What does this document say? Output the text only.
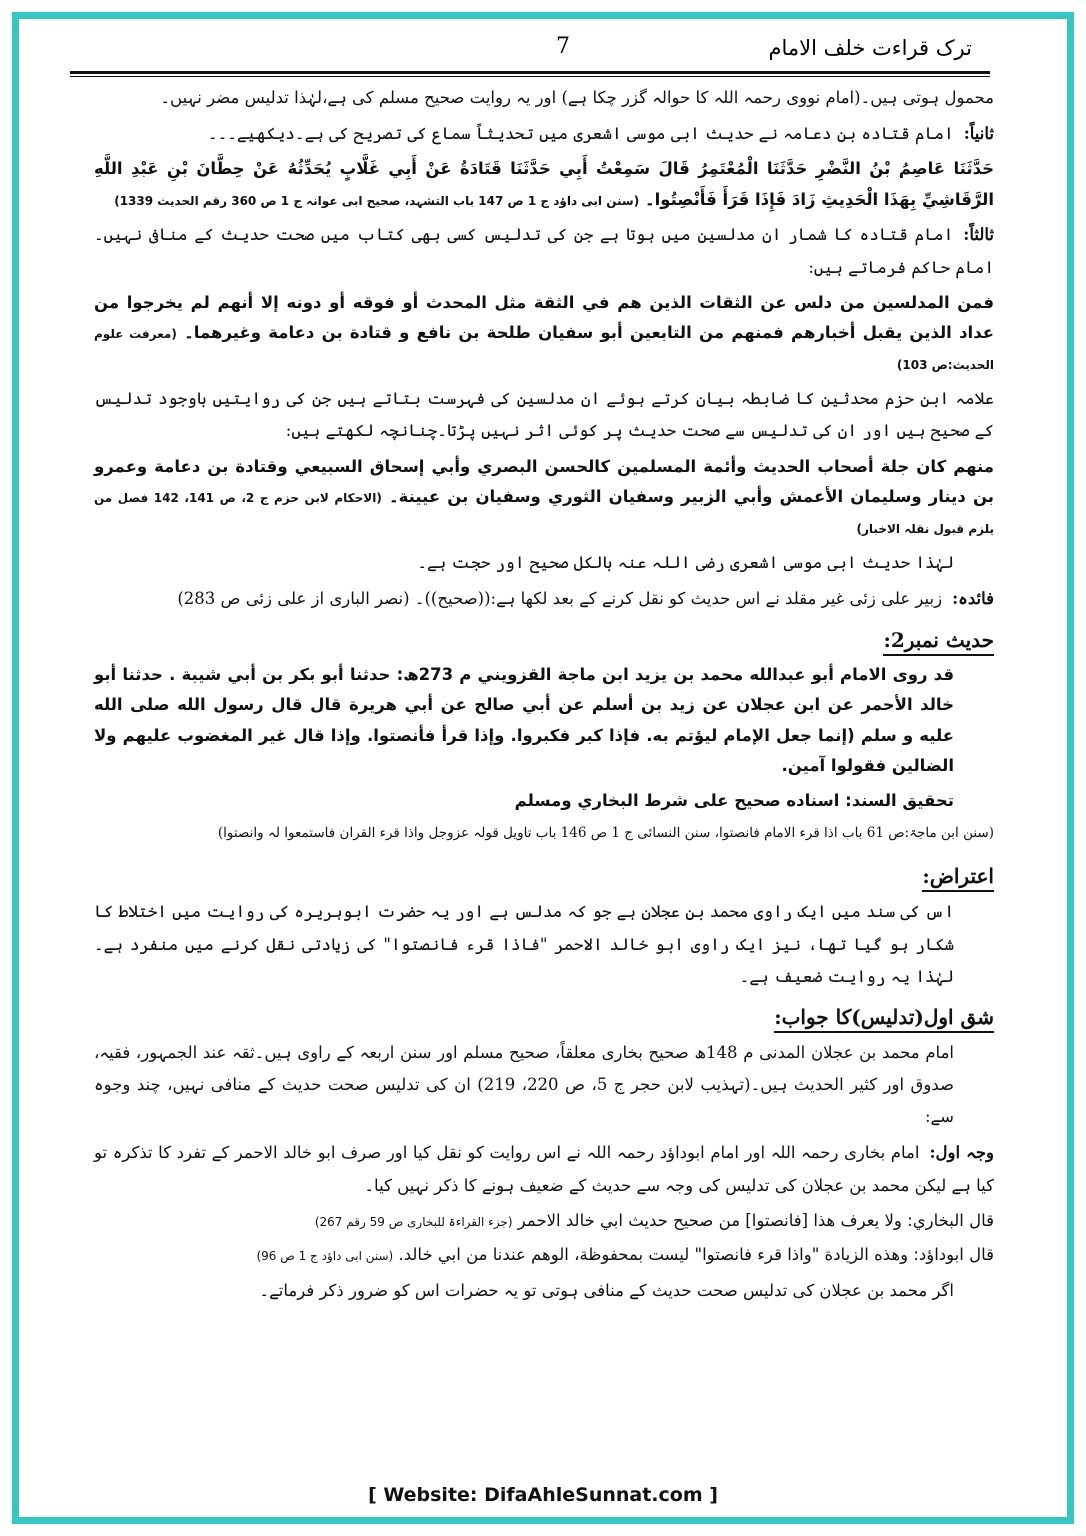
ترک قراءت خلف الامام
7

محمول ہوتی ہیں۔(امام نووی رحمہ اللہ کا حوالہ گزر چکا ہے) اور یہ روایت صحیح مسلم کی ہے،لہٰذا تدلیس مضر نہیں۔

ثانیاً:امام قتادہ بن دعامہ نے حدیث ابی موسی اشعری میں تحدیثاً سماع کی تصریح کی ہے۔دیکھیے۔۔۔

حَدَّثَنَا عَاصِمُ بْنُ النَّضْرِ حَدَّثَنَا الْمُعْتَمِرُ قَالَ سَمِعْتُ أَبِي حَدَّثَنَا قَتَادَةُ عَنْ أَبِي غَلَّابٍ يُحَدِّثُهُ عَنْ حِطَّانَ بْنِ عَبْدِ اللَّهِ الرَّقَاشِيِّ بِهَذَا الْحَدِيثِ زَادَ فَإِذَا قَرَأَ فَأَنْصِتُوا۔ (سنن ابی داؤد ج 1 ص 147 باب التشہد، صحیح ابی عوانہ ج 1 ص 360 رقم الحدیث 1339)

ثالثاً:امام قتادہ کا شمار ان مدلسین میں ہوتا ہے جن کی تدلیس کسی بھی کتاب میں صحت حدیث کے منافی نہیں۔امام حاکم فرماتے ہیں:

فمن المدلسين من دلس عن الثقات الذين هم في الثقة مثل المحدث أو فوقه أو دونه إلا أنهم لم يخرجوا من عداد الذين يقبل أخبارهم فمنهم من التابعين أبو سفيان طلحة بن نافع و قتادة بن دعامة وغيرهما۔ (معرفت علوم الحدیث:ص 103)

علامہ ابن حزم محدثین کا ضابطہ بیان کرتے ہوئے ان مدلسین کی فہرست بتاتے ہیں جن کی روایتیں باوجود تدلیس کے صحیح ہیں اور ان کی تدلیس سے صحت حدیث پر کوئی اثر نہیں پڑتا۔چنانچہ لکھتے ہیں:

منهم كان جلة أصحاب الحديث وأئمة المسلمين كالحسن البصري وأبي إسحاق السبيعي وقتادة بن دعامة وعمرو بن دينار وسليمان الأعمش وأبي الزبير وسفيان الثوري وسفيان بن عيينة۔ (الاحکام لابن حزم ج 2، ص 141، 142 فصل من یلزم قبول نقلہ الاخبار)

لہٰذا حدیث ابی موسی اشعری رضی اللہ عنہ بالکل صحیح اور حجت ہے۔

فائدہ:زبیر علی زئی غیر مقلد نے اس حدیث کو نقل کرنے کے بعد لکھا ہے:((صحیح))۔ (نصر الباری از علی زئی ص 283)

حدیث نمبر2:

قد روى الامام أبو عبدالله محمد بن يزيد ابن ماجة القزويني م 273ھ: حدثنا أبو بكر بن أبي شيبة . حدثنا أبو خالد الأحمر عن ابن عجلان عن زيد بن أسلم عن أبي صالح عن أبي هريرة قال قال رسول الله صلى الله عليه و سلم (إنما جعل الإمام ليؤتم به. فإذا كبر فكبروا. وإذا قرأ فأنصتوا. وإذا قال غير المغضوب عليهم ولا الضالين فقولوا آمين.

تحقيق السند: اسناده صحيح على شرط البخاري ومسلم

(سنن ابن ماجۃ:ص 61 باب اذا قرء الامام فانصتوا، سنن النسائی ج 1 ص 146 باب تاویل قولہ عزوجل واذا قرء القران فاستمعوا لہ وانصتوا)

اعتراض:

اس کی سند میں ایک راوی محمد بن عجلان ہے جو کہ مدلس ہے اور یہ حضرت ابوہریرہ کی روایت میں اختلاط کا شکار ہو گیا تھا، نیز ایک راوی ابو خالد الاحمر "فاذا قرء فانصتوا" کی زیادتی نقل کرنے میں منفرد ہے۔لہٰذا یہ روایت ضعیف ہے۔

شق اول(تدلیس)کا جواب:

امام محمد بن عجلان المدنی م 148ھ صحیح بخاری معلقاً، صحیح مسلم اور سنن اربعہ کے راوی ہیں۔ثقہ عند الجمہور، فقیہ، صدوق اور کثیر الحدیث ہیں۔(تہذیب لابن حجر ج 5، ص 220، 219) ان کی تدلیس صحت حدیث کے منافی نہیں، چند وجوہ سے:

وجہ اول:امام بخاری رحمہ اللہ اور امام ابوداؤد رحمہ اللہ نے اس روایت کو نقل کیا اور صرف ابو خالد الاحمر کے تفرد کا تذکرہ تو کیا ہے لیکن محمد بن عجلان کی تدلیس کی وجہ سے حدیث کے ضعیف ہونے کا ذکر نہیں کیا۔

قال البخاري: ولا يعرف هذا [فانصتوا] من صحيح حديث ابي خالد الاحمر (جزء القراءۃ للبخاری ص 59 رقم 267)

قال ابوداؤد: وهذه الزيادة "واذا قرء فانصتوا" ليست بمحفوظة، الوهم عندنا من ابي خالد. (سنن ابی داؤد ج 1 ص 96)

اگر محمد بن عجلان کی تدلیس صحت حدیث کے منافی ہوتی تو یہ حضرات اس کو ضرور ذکر فرماتے۔

[ Website: DifaAhleSunnat.com ]
